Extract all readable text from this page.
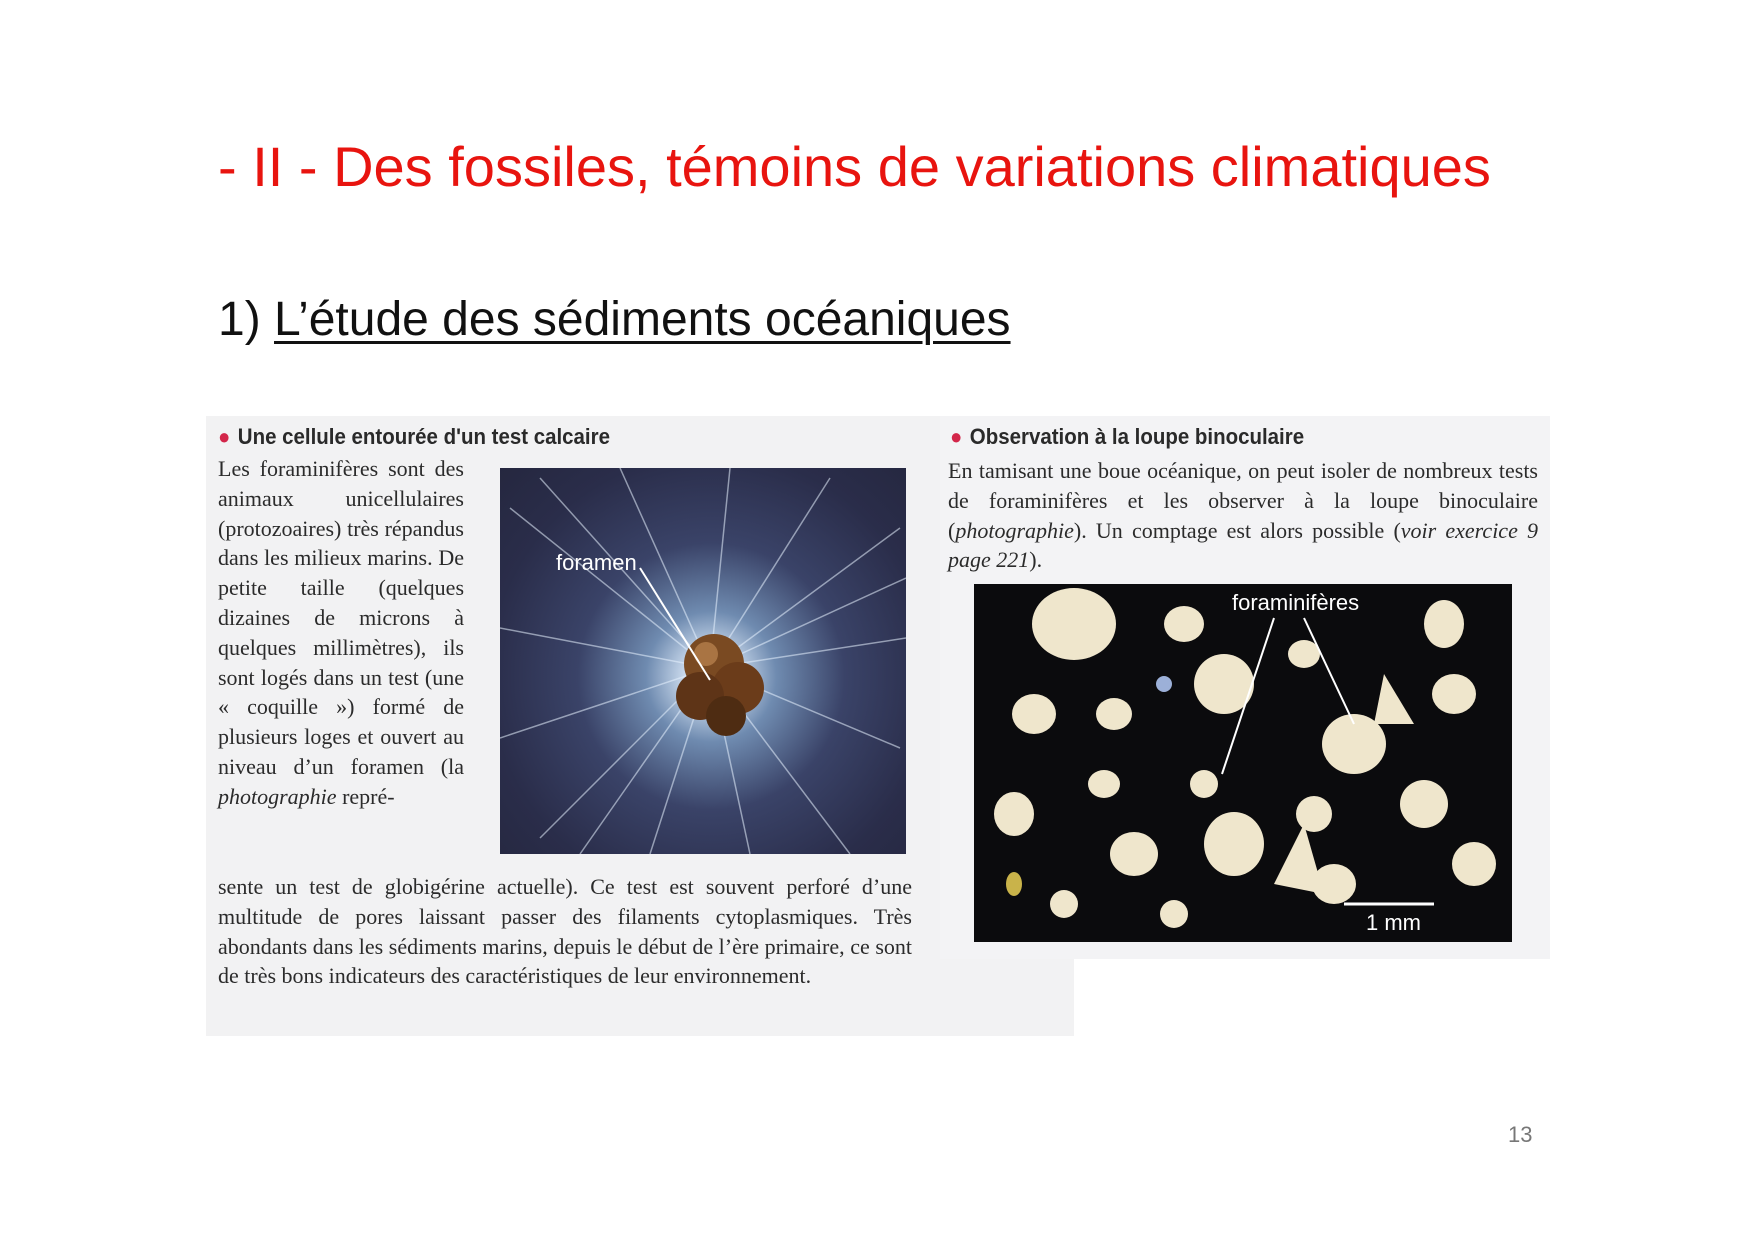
- II - Des fossiles, témoins de variations climatiques
1) L’étude des sédiments océaniques
● Une cellule entourée d'un test calcaire
Les foraminifères sont des animaux unicellulaires (protozoaires) très répandus dans les milieux marins. De petite taille (quelques dizaines de microns à quelques millimètres), ils sont logés dans un test (une « coquille ») formé de plusieurs loges et ouvert au niveau d’un foramen (la photographie repré-
foramen
sente un test de globigérine actuelle). Ce test est souvent perforé d’une multitude de pores laissant passer des filaments cytoplasmiques. Très abondants dans les sédiments marins, depuis le début de l’ère primaire, ce sont de très bons indicateurs des caractéristiques de leur environnement.
● Observation à la loupe binoculaire
En tamisant une boue océanique, on peut isoler de nombreux tests de foraminifères et les observer à la loupe binoculaire (photographie). Un comptage est alors possible (voir exercice 9 page 221).
foraminifères
1 mm
13
